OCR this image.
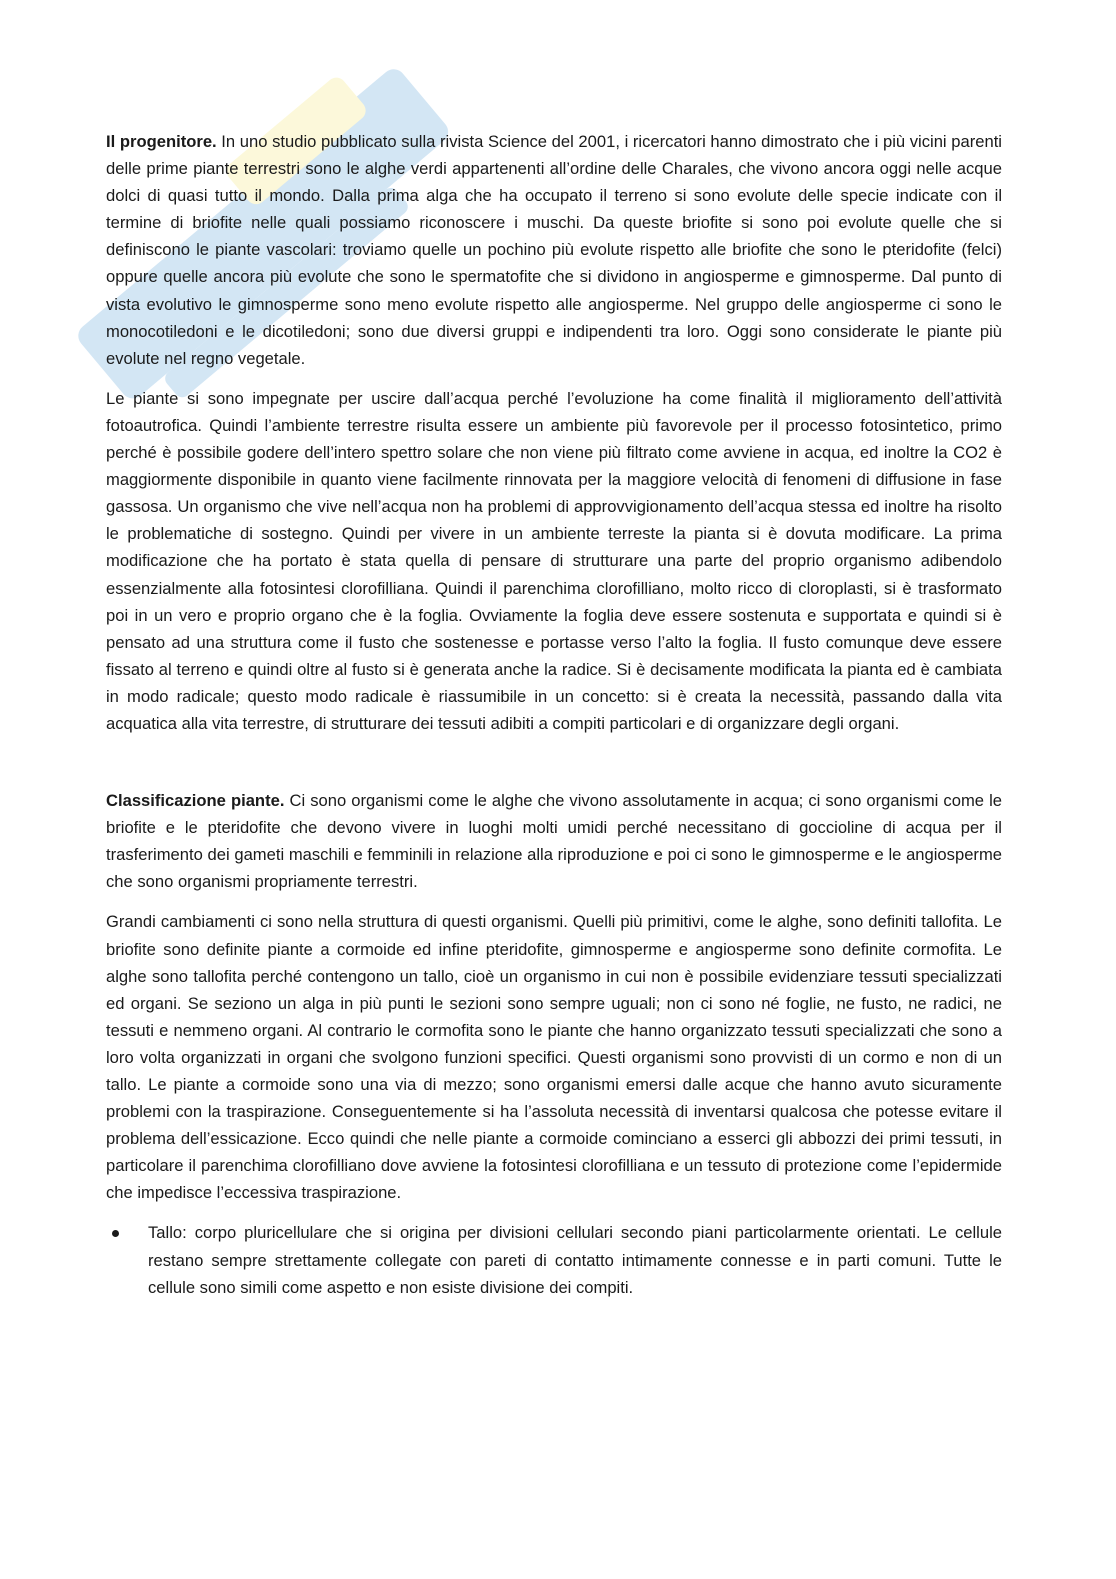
Il progenitore. In uno studio pubblicato sulla rivista Science del 2001, i ricercatori hanno dimostrato che i più vicini parenti delle prime piante terrestri sono le alghe verdi appartenenti all’ordine delle Charales, che vivono ancora oggi nelle acque dolci di quasi tutto il mondo. Dalla prima alga che ha occupato il terreno si sono evolute delle specie indicate con il termine di briofite nelle quali possiamo riconoscere i muschi. Da queste briofite si sono poi evolute quelle che si definiscono le piante vascolari: troviamo quelle un pochino più evolute rispetto alle briofite che sono le pteridofite (felci) oppure quelle ancora più evolute che sono le spermatofite che si dividono in angiosperme e gimnosperme. Dal punto di vista evolutivo le gimnosperme sono meno evolute rispetto alle angiosperme. Nel gruppo delle angiosperme ci sono le monocotiledoni e le dicotiledoni; sono due diversi gruppi e indipendenti tra loro. Oggi sono considerate le piante più evolute nel regno vegetale.

Le piante si sono impegnate per uscire dall’acqua perché l’evoluzione ha come finalità il miglioramento dell’attività fotoautrofica. Quindi l’ambiente terrestre risulta essere un ambiente più favorevole per il processo fotosintetico, primo perché è possibile godere dell’intero spettro solare che non viene più filtrato come avviene in acqua, ed inoltre la CO2 è maggiormente disponibile in quanto viene facilmente rinnovata per la maggiore velocità di fenomeni di diffusione in fase gassosa. Un organismo che vive nell’acqua non ha problemi di approvvigionamento dell’acqua stessa ed inoltre ha risolto le problematiche di sostegno. Quindi per vivere in un ambiente terreste la pianta si è dovuta modificare. La prima modificazione che ha portato è stata quella di pensare di strutturare una parte del proprio organismo adibendolo essenzialmente alla fotosintesi clorofilliana. Quindi il parenchima clorofilliano, molto ricco di cloroplasti, si è trasformato poi in un vero e proprio organo che è la foglia. Ovviamente la foglia deve essere sostenuta e supportata e quindi si è pensato ad una struttura come il fusto che sostenesse e portasse verso l’alto la foglia. Il fusto comunque deve essere fissato al terreno e quindi oltre al fusto si è generata anche la radice. Si è decisamente modificata la pianta ed è cambiata in modo radicale; questo modo radicale è riassumibile in un concetto: si è creata la necessità, passando dalla vita acquatica alla vita terrestre, di strutturare dei tessuti adibiti a compiti particolari e di organizzare degli organi.

Classificazione piante. Ci sono organismi come le alghe che vivono assolutamente in acqua; ci sono organismi come le briofite e le pteridofite che devono vivere in luoghi molti umidi perché necessitano di goccioline di acqua per il trasferimento dei gameti maschili e femminili in relazione alla riproduzione e poi ci sono le gimnosperme e le angiosperme che sono organismi propriamente terrestri.

Grandi cambiamenti ci sono nella struttura di questi organismi. Quelli più primitivi, come le alghe, sono definiti tallofita. Le briofite sono definite piante a cormoide ed infine pteridofite, gimnosperme e angiosperme sono definite cormofita. Le alghe sono tallofita perché contengono un tallo, cioè un organismo in cui non è possibile evidenziare tessuti specializzati ed organi. Se seziono un alga in più punti le sezioni sono sempre uguali; non ci sono né foglie, ne fusto, ne radici, ne tessuti e nemmeno organi. Al contrario le cormofita sono le piante che hanno organizzato tessuti specializzati che sono a loro volta organizzati in organi che svolgono funzioni specifici. Questi organismi sono provvisti di un cormo e non di un tallo. Le piante a cormoide sono una via di mezzo; sono organismi emersi dalle acque che hanno avuto sicuramente problemi con la traspirazione. Conseguentemente si ha l’assoluta necessità di inventarsi qualcosa che potesse evitare il problema dell’essicazione. Ecco quindi che nelle piante a cormoide cominciano a esserci gli abbozzi dei primi tessuti, in particolare il parenchima clorofilliano dove avviene la fotosintesi clorofilliana e un tessuto di protezione come l’epidermide che impedisce l’eccessiva traspirazione.

Tallo: corpo pluricellulare che si origina per divisioni cellulari secondo piani particolarmente orientati. Le cellule restano sempre strettamente collegate con pareti di contatto intimamente connesse e in parti comuni. Tutte le cellule sono simili come aspetto e non esiste divisione dei compiti.
